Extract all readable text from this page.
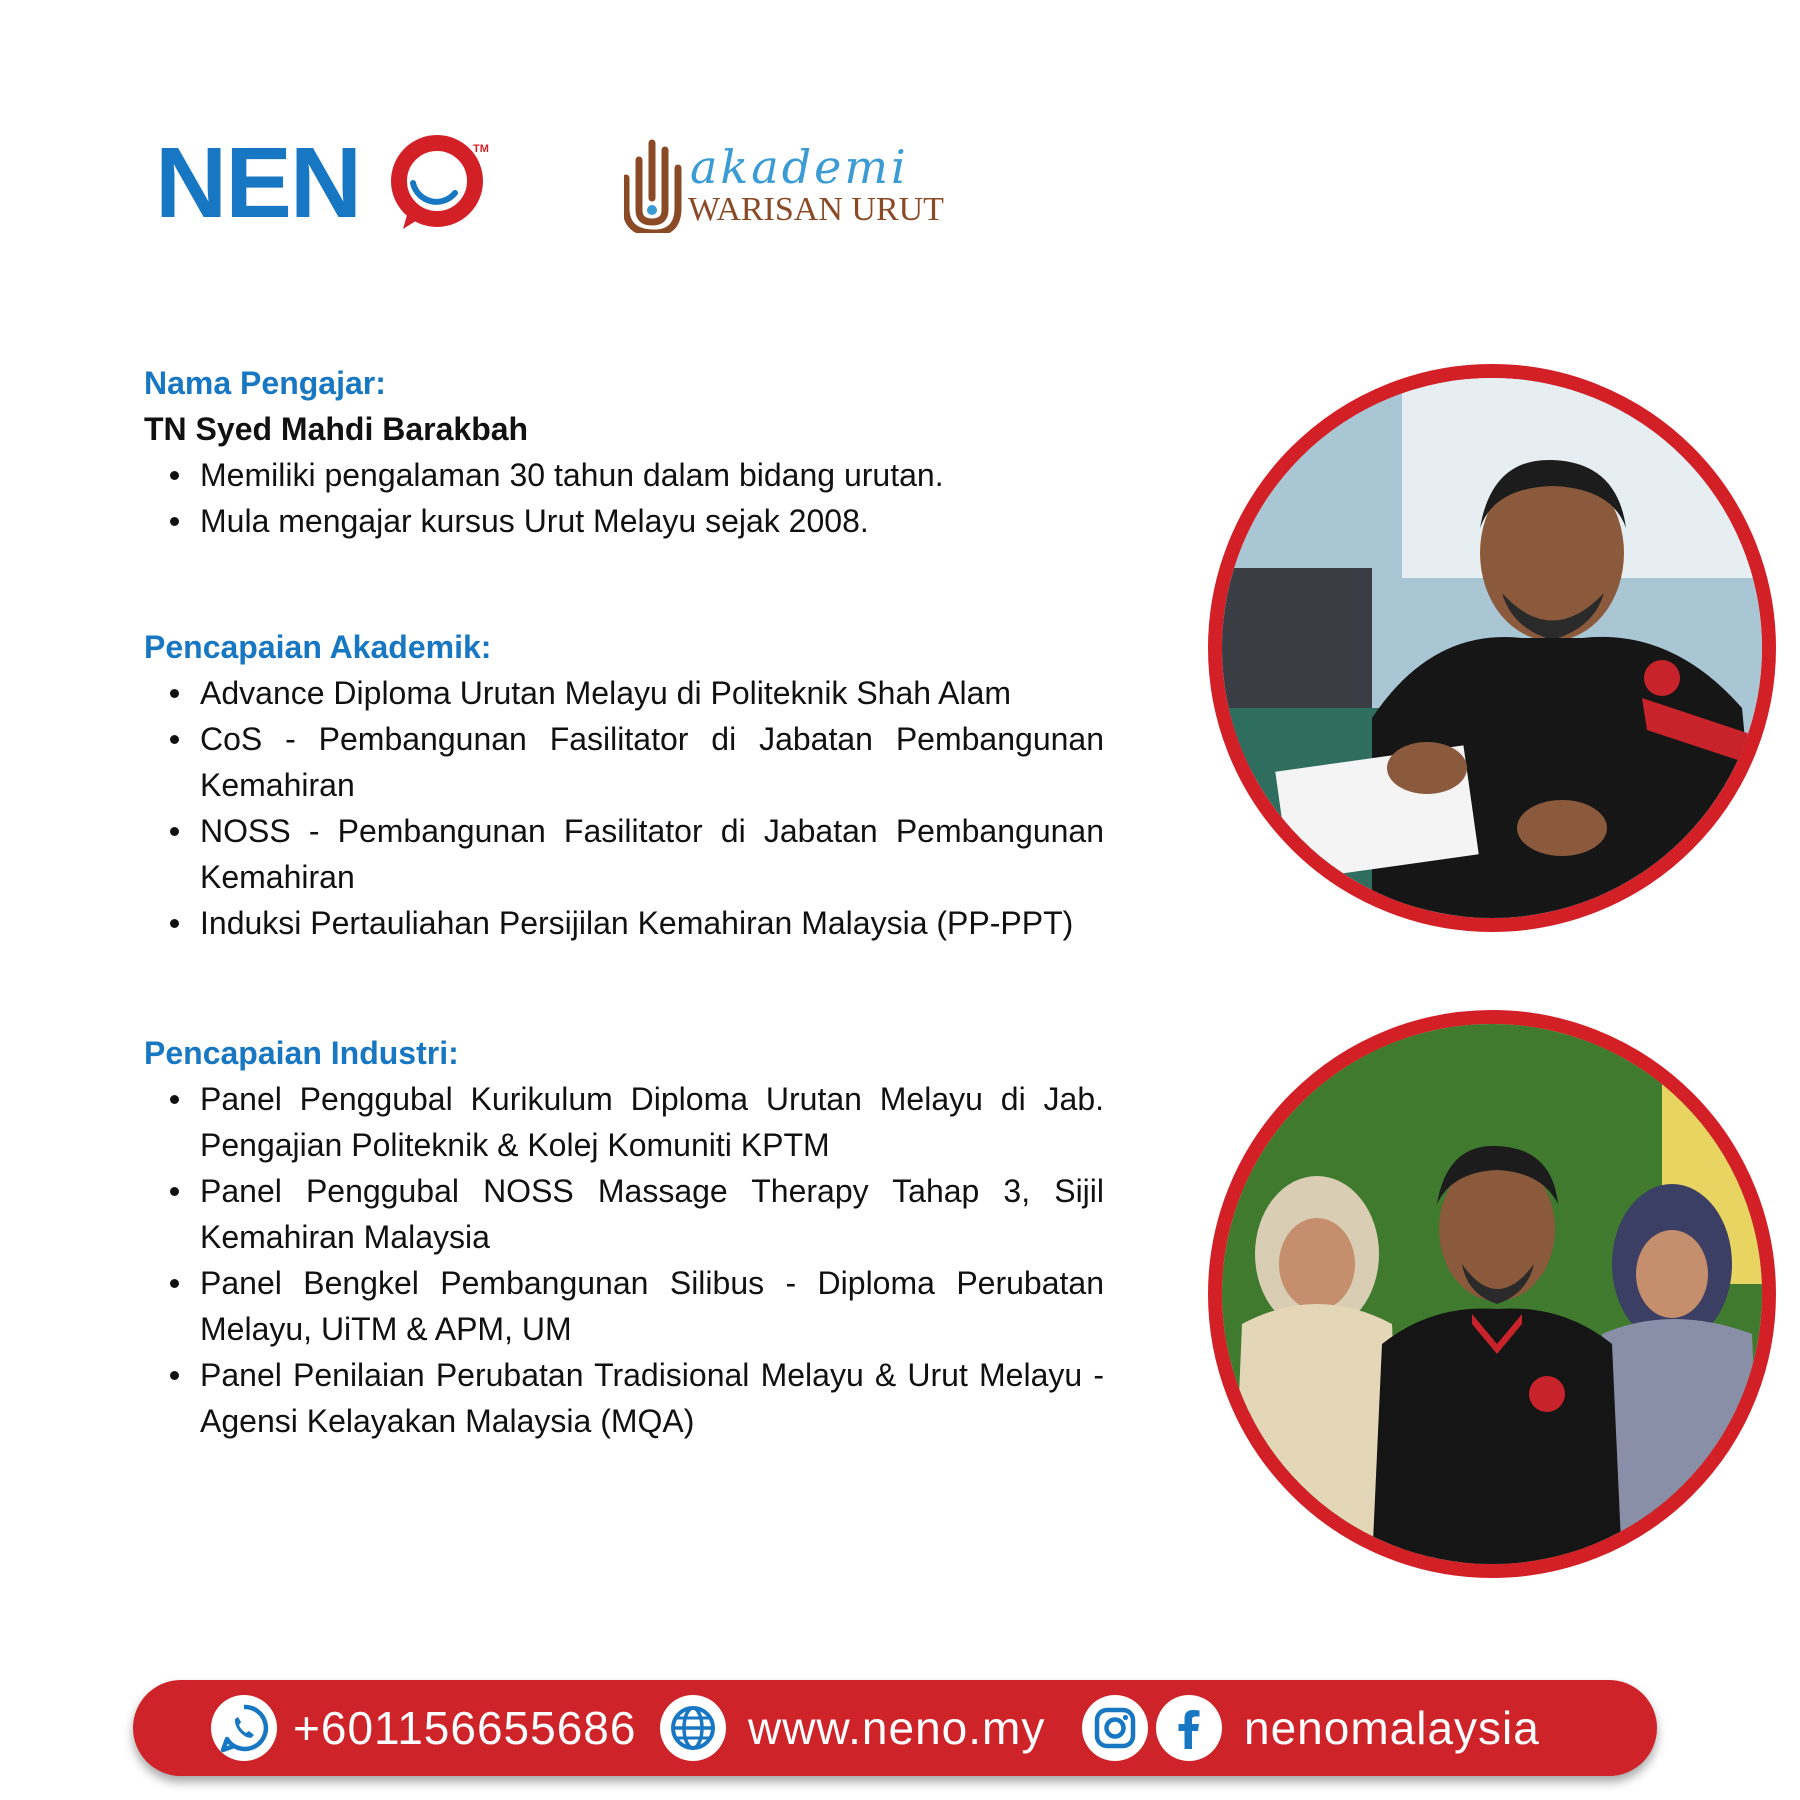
NEN	TM	akademi
WARISAN URUT
Nama Pengajar:
TN Syed Mahdi Barakbah
Memiliki pengalaman 30 tahun dalam bidang urutan.
Mula mengajar kursus Urut Melayu sejak 2008.
Pencapaian Akademik:
Advance Diploma Urutan Melayu di Politeknik Shah Alam
CoS - Pembangunan Fasilitator di Jabatan Pembangunan Kemahiran
NOSS - Pembangunan Fasilitator di Jabatan Pembangunan Kemahiran
Induksi Pertauliahan Persijilan Kemahiran Malaysia (PP-PPT)
Pencapaian Industri:
Panel Penggubal Kurikulum Diploma Urutan Melayu di Jab. Pengajian Politeknik & Kolej Komuniti KPTM
Panel Penggubal NOSS Massage Therapy Tahap 3, Sijil Kemahiran Malaysia
Panel Bengkel Pembangunan Silibus - Diploma Perubatan Melayu, UiTM & APM, UM
Panel Penilaian Perubatan Tradisional Melayu & Urut Melayu - Agensi Kelayakan Malaysia (MQA)
+601156655686 www.neno.my	nenomalaysia
